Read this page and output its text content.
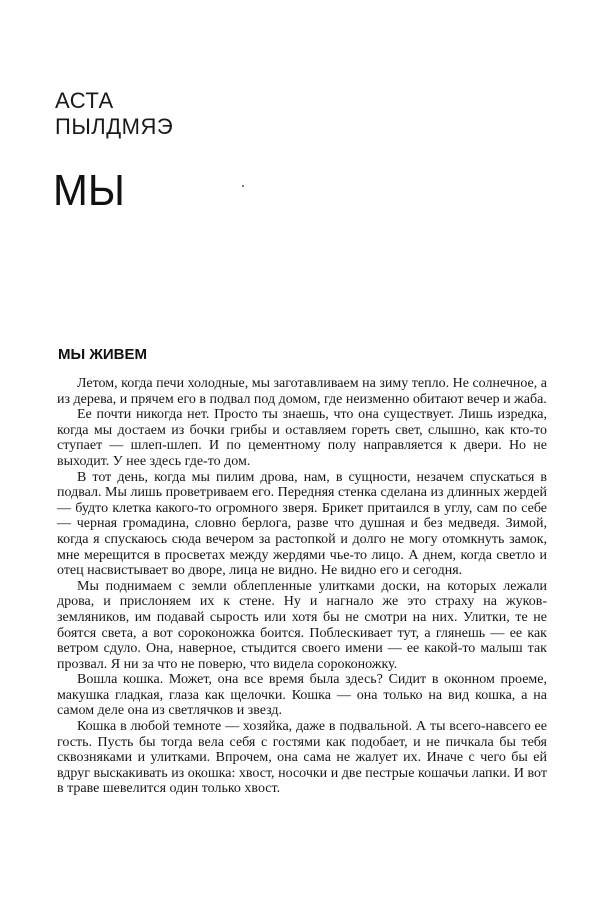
АСТА
ПЫЛДМЯЭ
МЫ
МЫ ЖИВЕМ

Летом, когда печи холодные, мы заготавливаем на зиму тепло. Не солнечное, а из дерева, и прячем его в подвал под домом, где неизменно обитают вечер и жаба.

Ее почти никогда нет. Просто ты знаешь, что она существует. Лишь изредка, когда мы достаем из бочки грибы и оставляем гореть свет, слышно, как кто-то ступает — шлеп-шлеп. И по цементному полу направляется к двери. Но не выходит. У нее здесь где-то дом.

В тот день, когда мы пилим дрова, нам, в сущности, незачем спускаться в подвал. Мы лишь проветриваем его. Передняя стенка сделана из длинных жердей — будто клетка какого-то огромного зверя. Брикет притаился в углу, сам по себе — черная громадина, словно берлога, разве что душная и без медведя. Зимой, когда я спускаюсь сюда вечером за растопкой и долго не могу отомкнуть замок, мне мерещится в просветах между жердями чье-то лицо. А днем, когда светло и отец насвистывает во дворе, лица не видно. Не видно его и сегодня.

Мы поднимаем с земли облепленные улитками доски, на которых лежали дрова, и прислоняем их к стене. Ну и нагнало же это страху на жуков-земляников, им подавай сырость или хотя бы не смотри на них. Улитки, те не боятся света, а вот сороконожка боится. Поблескивает тут, а глянешь — ее как ветром сдуло. Она, наверное, стыдится своего имени — ее какой-то малыш так прозвал. Я ни за что не поверю, что видела сороконожку.

Вошла кошка. Может, она все время была здесь? Сидит в оконном проеме, макушка гладкая, глаза как щелочки. Кошка — она только на вид кошка, а на самом деле она из светлячков и звезд.

Кошка в любой темноте — хозяйка, даже в подвальной. А ты всего-навсего ее гость. Пусть бы тогда вела себя с гостями как подобает, и не пичкала бы тебя сквозняками и улитками. Впрочем, она сама не жалует их. Иначе с чего бы ей вдруг выскакивать из окошка: хвост, носочки и две пестрые кошачьи лапки. И вот в траве шевелится один только хвост.
